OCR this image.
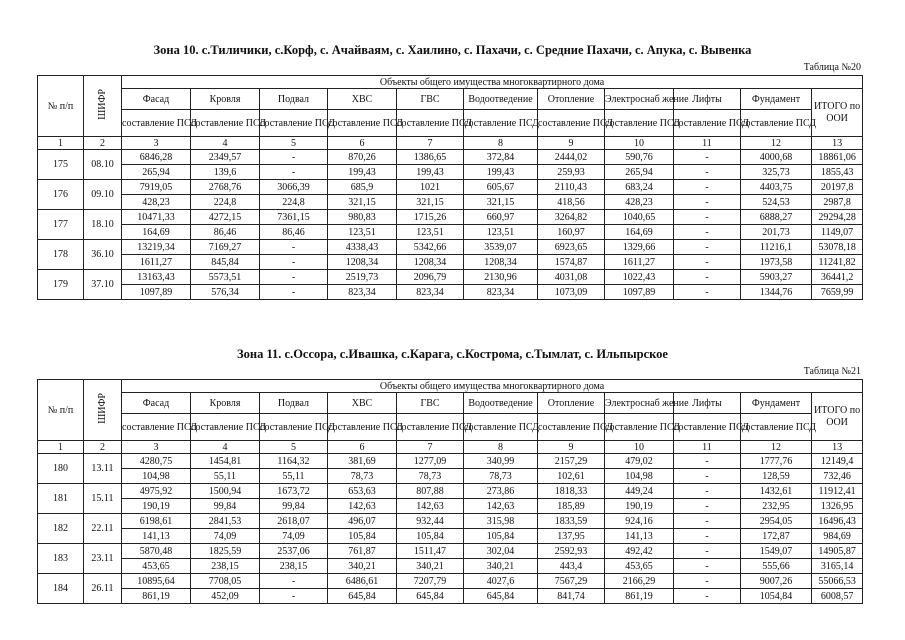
Зона 10. с.Тиличики, с.Корф, с. Ачайваям, с. Хаилино, с. Пахачи, с. Средние Пахачи, с. Апука, с. Вывенка
Таблица №20
№ п/п	ШИФР	Объекты общего имущества многоквартирного дома										
		Фасад	Кровля	Подвал	ХВС	ГВС	Водоотведение	Отопление	Электроснаб жение	Лифты	Фундамент	ИТОГО по ООИ
		составление ПСД	составление ПСД	составление ПСД	составление ПСД	составление ПСД	составление ПСД	составление ПСД	составление ПСД	составление ПСД	составление ПСД	
1	2	3	4	5	6	7	8	9	10	11	12	13
175	08.10	6846,28	2349,57	-	870,26	1386,65	372,84	2444,02	590,76	-	4000,68	18861,06
		265,94	139,6	-	199,43	199,43	199,43	259,93	265,94	-	325,73	1855,43
176	09.10	7919,05	2768,76	3066,39	685,9	1021	605,67	2110,43	683,24	-	4403,75	20197,8
		428,23	224,8	224,8	321,15	321,15	321,15	418,56	428,23	-	524,53	2987,8
177	18.10	10471,33	4272,15	7361,15	980,83	1715,26	660,97	3264,82	1040,65	-	6888,27	29294,28
		164,69	86,46	86,46	123,51	123,51	123,51	160,97	164,69	-	201,73	1149,07
178	36.10	13219,34	7169,27	-	4338,43	5342,66	3539,07	6923,65	1329,66	-	11216,1	53078,18
		1611,27	845,84	-	1208,34	1208,34	1208,34	1574,87	1611,27	-	1973,58	11241,82
179	37.10	13163,43	5573,51	-	2519,73	2096,79	2130,96	4031,08	1022,43	-	5903,27	36441,2
		1097,89	576,34	-	823,34	823,34	823,34	1073,09	1097,89	-	1344,76	7659,99
Зона 11. с.Оссора, с.Ивашка, с.Карага, с.Кострома, с.Тымлат, с. Ильпырское
Таблица №21
№ п/п	ШИФР	Объекты общего имущества многоквартирного дома										
		Фасад	Кровля	Подвал	ХВС	ГВС	Водоотведение	Отопление	Электроснаб жение	Лифты	Фундамент	ИТОГО по ООИ
		составление ПСД	составление ПСД	составление ПСД	составление ПСД	составление ПСД	составление ПСД	составление ПСД	составление ПСД	составление ПСД	составление ПСД	
1	2	3	4	5	6	7	8	9	10	11	12	13
180	13.11	4280,75	1454,81	1164,32	381,69	1277,09	340,99	2157,29	479,02	-	1777,76	12149,4
		104,98	55,11	55,11	78,73	78,73	78,73	102,61	104,98	-	128,59	732,46
181	15.11	4975,92	1500,94	1673,72	653,63	807,88	273,86	1818,33	449,24	-	1432,61	11912,41
		190,19	99,84	99,84	142,63	142,63	142,63	185,89	190,19	-	232,95	1326,95
182	22.11	6198,61	2841,53	2618,07	496,07	932,44	315,98	1833,59	924,16	-	2954,05	16496,43
		141,13	74,09	74,09	105,84	105,84	105,84	137,95	141,13	-	172,87	984,69
183	23.11	5870,48	1825,59	2537,06	761,87	1511,47	302,04	2592,93	492,42	-	1549,07	14905,87
		453,65	238,15	238,15	340,21	340,21	340,21	443,4	453,65	-	555,66	3165,14
184	26.11	10895,64	7708,05	-	6486,61	7207,79	4027,6	7567,29	2166,29	-	9007,26	55066,53
		861,19	452,09	-	645,84	645,84	645,84	841,74	861,19	-	1054,84	6008,57
